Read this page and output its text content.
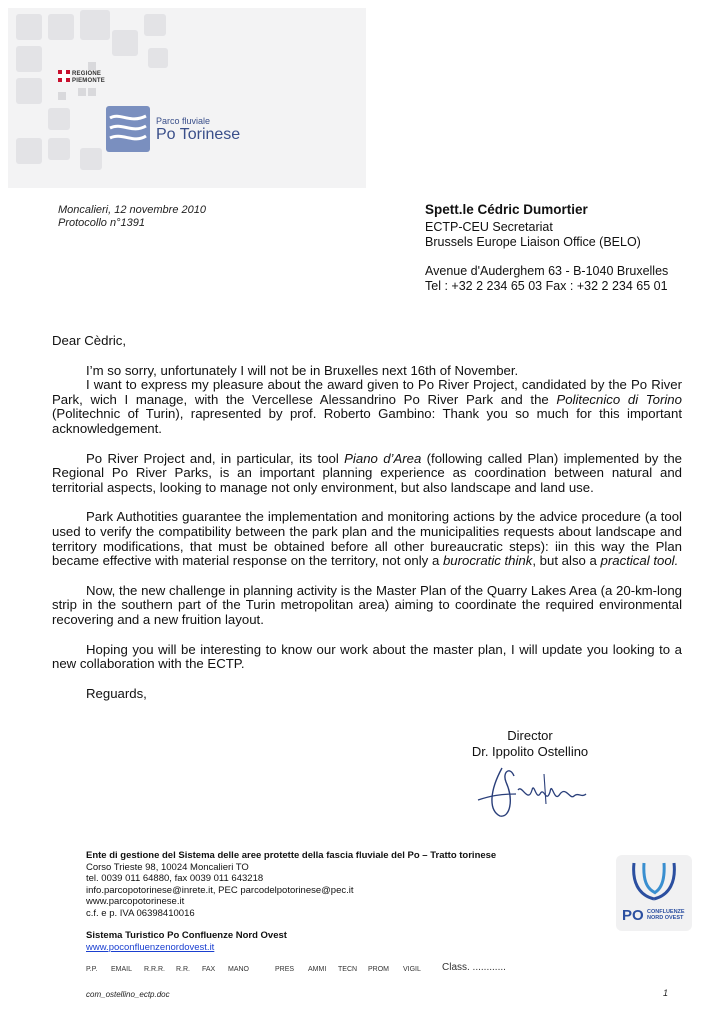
REGIONE
PIEMONTE
Parco fluviale
Po Torinese
Moncalieri, 12 novembre 2010
Protocollo n°1391
Spett.le Cédric Dumortier
ECTP-CEU Secretariat
Brussels Europe Liaison Office (BELO)
Avenue d'Auderghem 63 - B-1040 Bruxelles
Tel : +32 2 234 65 03 Fax : +32 2 234 65 01

Dear Cèdric,

I’m so sorry, unfortunately I will not be in Bruxelles next 16th of November.

I want to express my pleasure about the award given to Po River Project, candidated by the Po River Park, wich I manage, with the Vercellese Alessandrino Po River Park and the Politecnico di Torino (Politechnic of Turin), rapresented by prof. Roberto Gambino: Thank you so much for this important acknowledgement.

Po River Project and, in particular, its tool Piano d’Area (following called Plan) implemented by the Regional Po River Parks, is an important planning experience as coordination between natural and territorial aspects, looking to manage not only environment, but also landscape and land use.

Park Authotities guarantee the implementation and monitoring actions by the advice procedure (a tool used to verify the compatibility between the park plan and the municipalities requests about landscape and territory modifications, that must be obtained before all other bureaucratic steps): iin this way the Plan became effective with material response on the territory, not only a burocratic think, but also a practical tool.

Now, the new challenge in planning activity is the Master Plan of the Quarry Lakes Area (a 20-km-long strip in the southern part of the Turin metropolitan area) aiming to coordinate the required environmental recovering and a new fruition layout.

Hoping you will be interesting to know our work about the master plan, I will update you looking to a new collaboration with the ECTP.

Reguards,

Director
Dr. Ippolito Ostellino
Ente di gestione del Sistema delle aree protette della fascia fluviale del Po – Tratto torinese
Corso Trieste 98, 10024 Moncalieri TO
tel. 0039 011 64880, fax 0039 011 643218
info.parcopotorinese@inrete.it, PEC parcodelpotorinese@pec.it
www.parcopotorinese.it
c.f. e p. IVA 06398410016
Sistema Turistico Po Confluenze Nord Ovest
www.poconfluenzenordovest.it
PO CONFLUENZE
NORD OVEST
P.P. EMAIL R.R.R. R.R. FAX MANO	PRES AMMI TECN PROM VIGIL Class. ............
com_ostellino_ectp.doc	1
